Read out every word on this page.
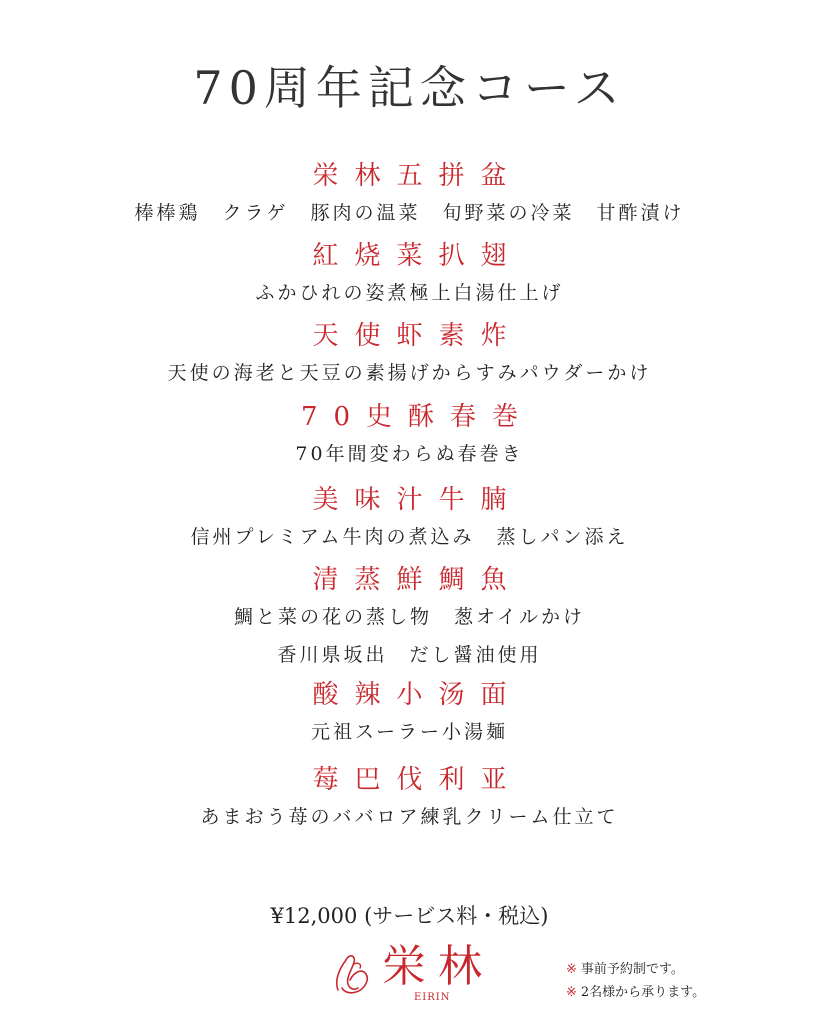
70周年記念コース
栄林五拼盆
棒棒鶏　クラゲ　豚肉の温菜　旬野菜の冷菜　甘酢漬け
紅烧菜扒翅
ふかひれの姿煮極上白湯仕上げ
天使虾素炸
天使の海老と天豆の素揚げからすみパウダーかけ
70史酥春巻
70年間変わらぬ春巻き
美味汁牛腩
信州プレミアム牛肉の煮込み　蒸しパン添え
清蒸鮮鯛魚
鯛と菜の花の蒸し物　葱オイルかけ
香川県坂出　だし醤油使用
酸辣小汤面
元祖スーラー小湯麺
莓巴伐利亚
あまおう苺のババロア練乳クリーム仕立て
¥12,000 (サービス料・税込)
栄林
EIRIN
※ 事前予約制です。
※ 2名様から承ります。
